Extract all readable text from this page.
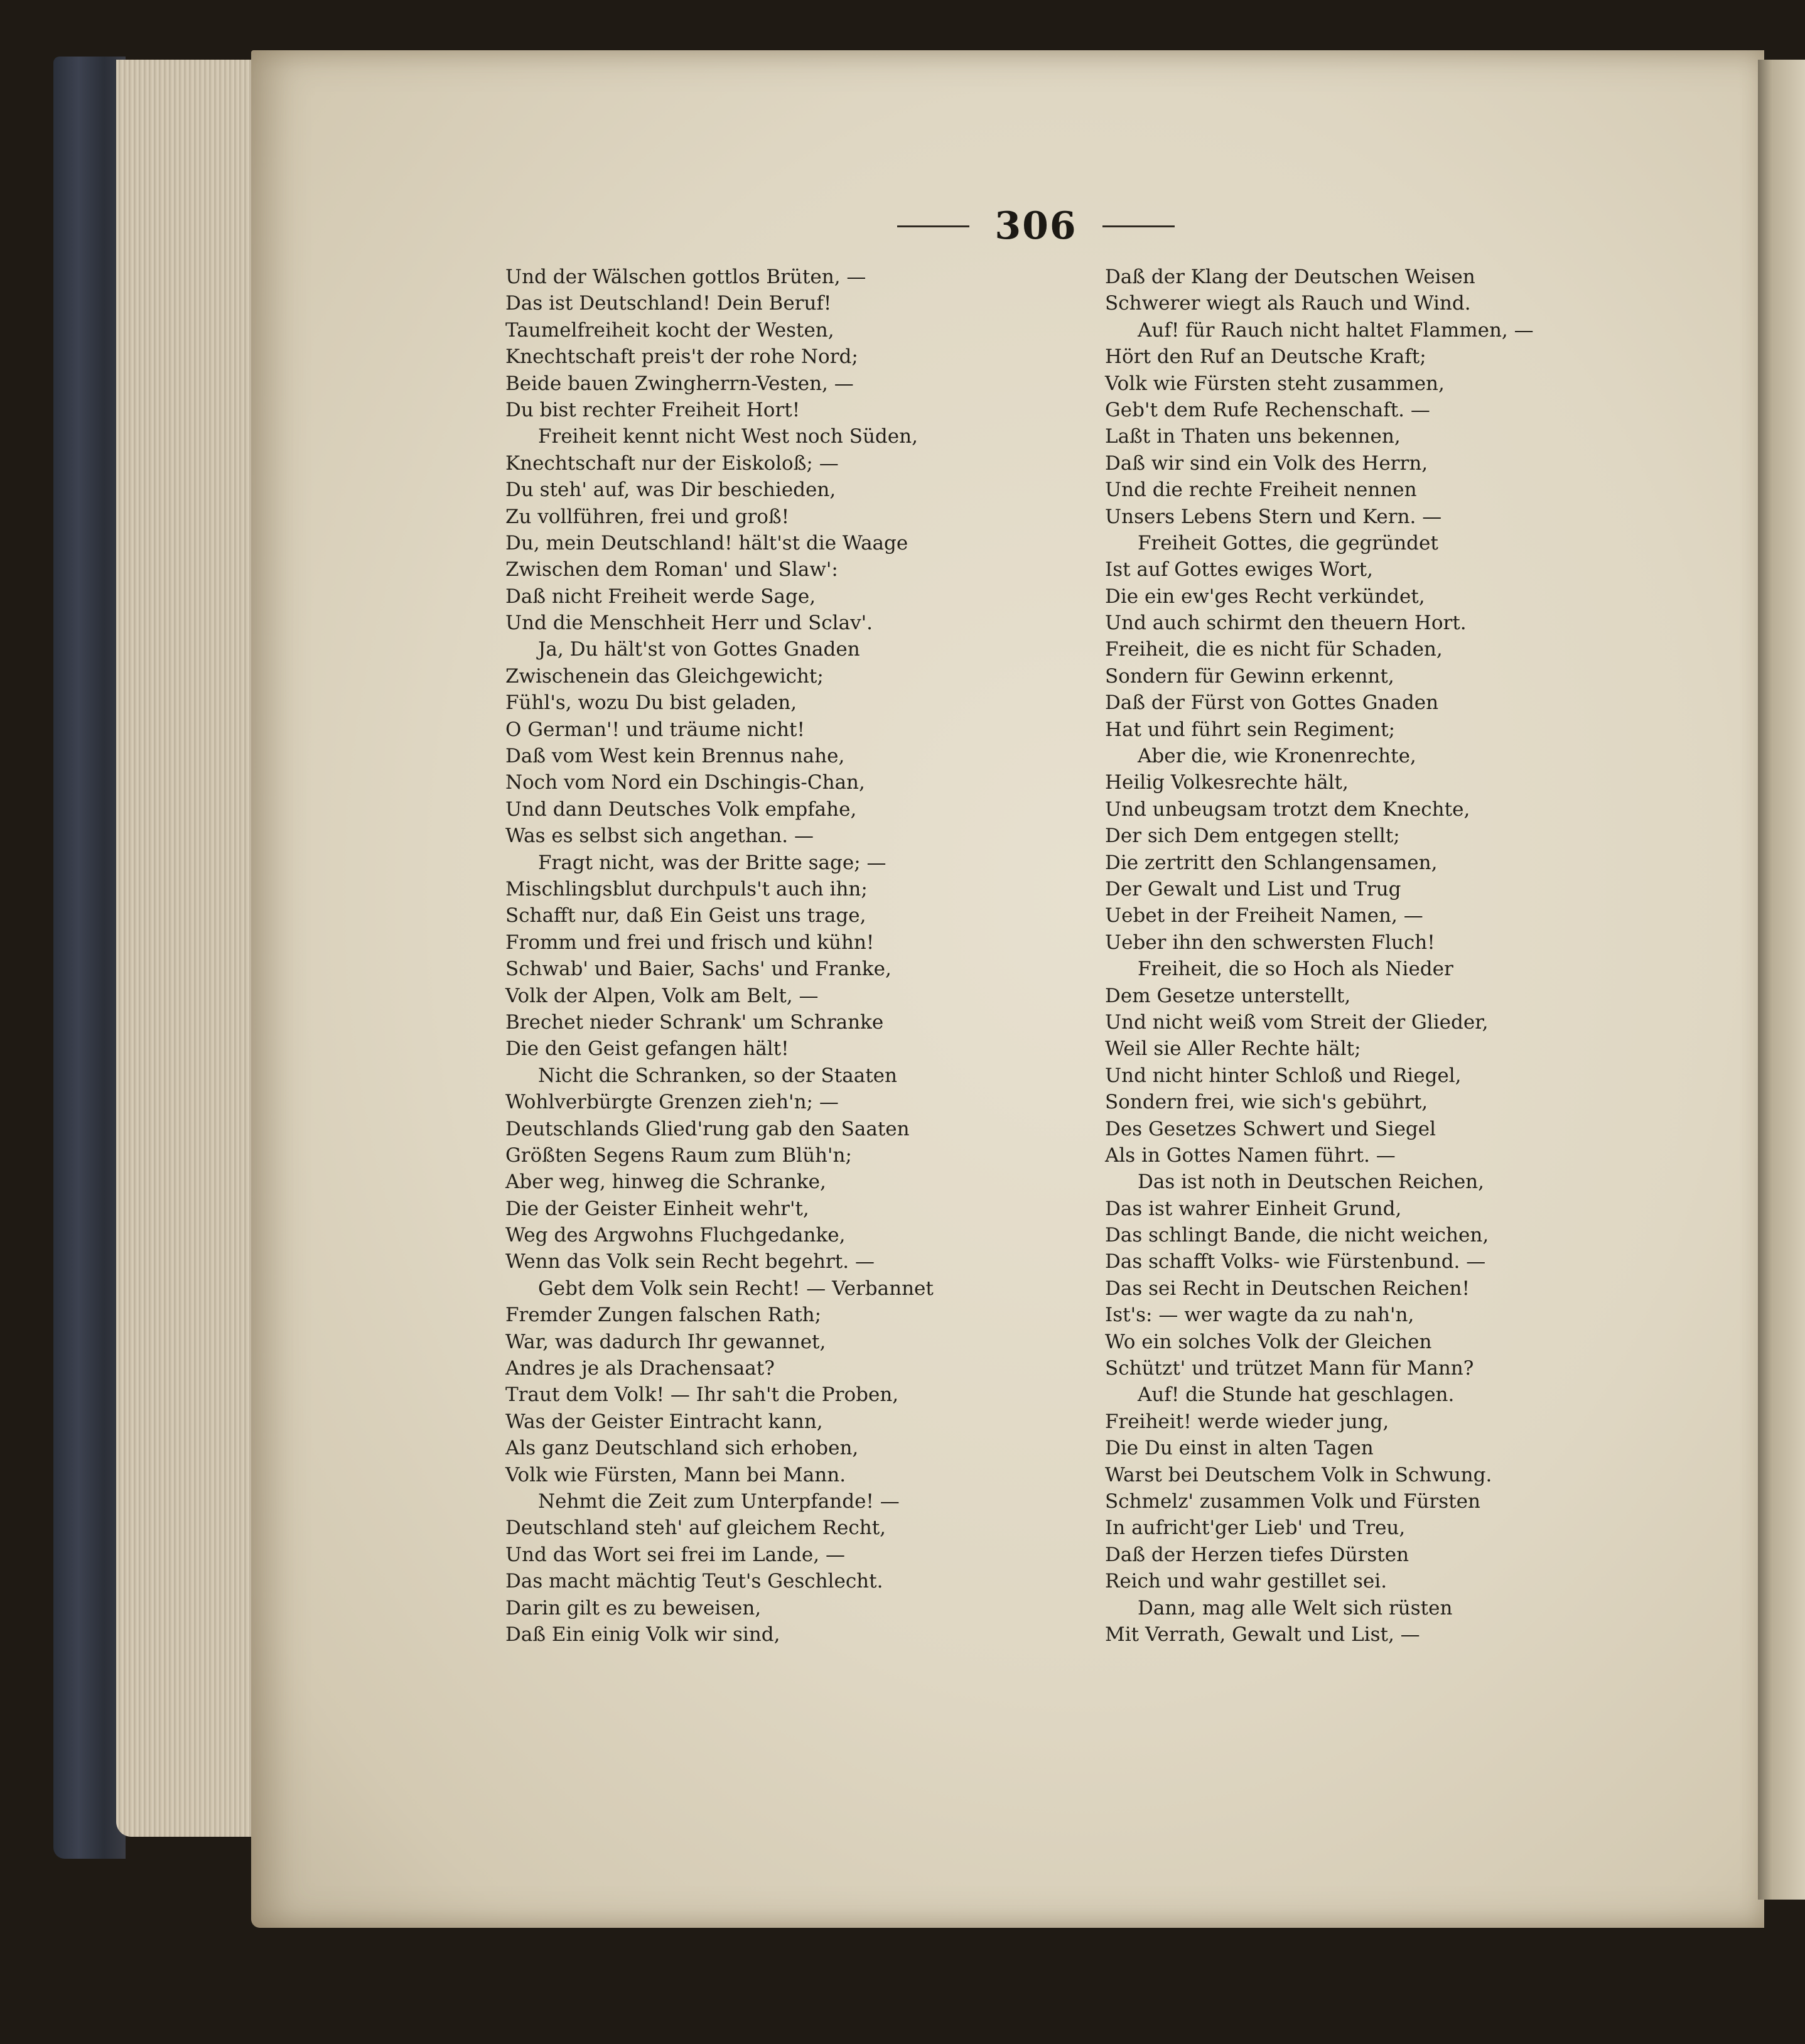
306
Und der Wälschen gottlos Brüten, —
Das ist Deutschland! Dein Beruf!
Taumelfreiheit kocht der Westen,
Knechtschaft preis't der rohe Nord;
Beide bauen Zwingherrn-Vesten, —
Du bist rechter Freiheit Hort!
Freiheit kennt nicht West noch Süden,
Knechtschaft nur der Eiskoloß; —
Du steh' auf, was Dir beschieden,
Zu vollführen, frei und groß!
Du, mein Deutschland! hält'st die Waage
Zwischen dem Roman' und Slaw':
Daß nicht Freiheit werde Sage,
Und die Menschheit Herr und Sclav'.
Ja, Du hält'st von Gottes Gnaden
Zwischenein das Gleichgewicht;
Fühl's, wozu Du bist geladen,
O German'! und träume nicht!
Daß vom West kein Brennus nahe,
Noch vom Nord ein Dschingis-Chan,
Und dann Deutsches Volk empfahe,
Was es selbst sich angethan. —
Fragt nicht, was der Britte sage; —
Mischlingsblut durchpuls't auch ihn;
Schafft nur, daß Ein Geist uns trage,
Fromm und frei und frisch und kühn!
Schwab' und Baier, Sachs' und Franke,
Volk der Alpen, Volk am Belt, —
Brechet nieder Schrank' um Schranke
Die den Geist gefangen hält!
Nicht die Schranken, so der Staaten
Wohlverbürgte Grenzen zieh'n; —
Deutschlands Glied'rung gab den Saaten
Größten Segens Raum zum Blüh'n;
Aber weg, hinweg die Schranke,
Die der Geister Einheit wehr't,
Weg des Argwohns Fluchgedanke,
Wenn das Volk sein Recht begehrt. —
Gebt dem Volk sein Recht! — Verbannet
Fremder Zungen falschen Rath;
War, was dadurch Ihr gewannet,
Andres je als Drachensaat?
Traut dem Volk! — Ihr sah't die Proben,
Was der Geister Eintracht kann,
Als ganz Deutschland sich erhoben,
Volk wie Fürsten, Mann bei Mann.
Nehmt die Zeit zum Unterpfande! —
Deutschland steh' auf gleichem Recht,
Und das Wort sei frei im Lande, —
Das macht mächtig Teut's Geschlecht.
Darin gilt es zu beweisen,
Daß Ein einig Volk wir sind,
Daß der Klang der Deutschen Weisen
Schwerer wiegt als Rauch und Wind.
Auf! für Rauch nicht haltet Flammen, —
Hört den Ruf an Deutsche Kraft;
Volk wie Fürsten steht zusammen,
Geb't dem Rufe Rechenschaft. —
Laßt in Thaten uns bekennen,
Daß wir sind ein Volk des Herrn,
Und die rechte Freiheit nennen
Unsers Lebens Stern und Kern. —
Freiheit Gottes, die gegründet
Ist auf Gottes ewiges Wort,
Die ein ew'ges Recht verkündet,
Und auch schirmt den theuern Hort.
Freiheit, die es nicht für Schaden,
Sondern für Gewinn erkennt,
Daß der Fürst von Gottes Gnaden
Hat und führt sein Regiment;
Aber die, wie Kronenrechte,
Heilig Volkesrechte hält,
Und unbeugsam trotzt dem Knechte,
Der sich Dem entgegen stellt;
Die zertritt den Schlangensamen,
Der Gewalt und List und Trug
Uebet in der Freiheit Namen, —
Ueber ihn den schwersten Fluch!
Freiheit, die so Hoch als Nieder
Dem Gesetze unterstellt,
Und nicht weiß vom Streit der Glieder,
Weil sie Aller Rechte hält;
Und nicht hinter Schloß und Riegel,
Sondern frei, wie sich's gebührt,
Des Gesetzes Schwert und Siegel
Als in Gottes Namen führt. —
Das ist noth in Deutschen Reichen,
Das ist wahrer Einheit Grund,
Das schlingt Bande, die nicht weichen,
Das schafft Volks- wie Fürstenbund. —
Das sei Recht in Deutschen Reichen!
Ist's: — wer wagte da zu nah'n,
Wo ein solches Volk der Gleichen
Schützt' und trützet Mann für Mann?
Auf! die Stunde hat geschlagen.
Freiheit! werde wieder jung,
Die Du einst in alten Tagen
Warst bei Deutschem Volk in Schwung.
Schmelz' zusammen Volk und Fürsten
In aufricht'ger Lieb' und Treu,
Daß der Herzen tiefes Dürsten
Reich und wahr gestillet sei.
Dann, mag alle Welt sich rüsten
Mit Verrath, Gewalt und List, —
